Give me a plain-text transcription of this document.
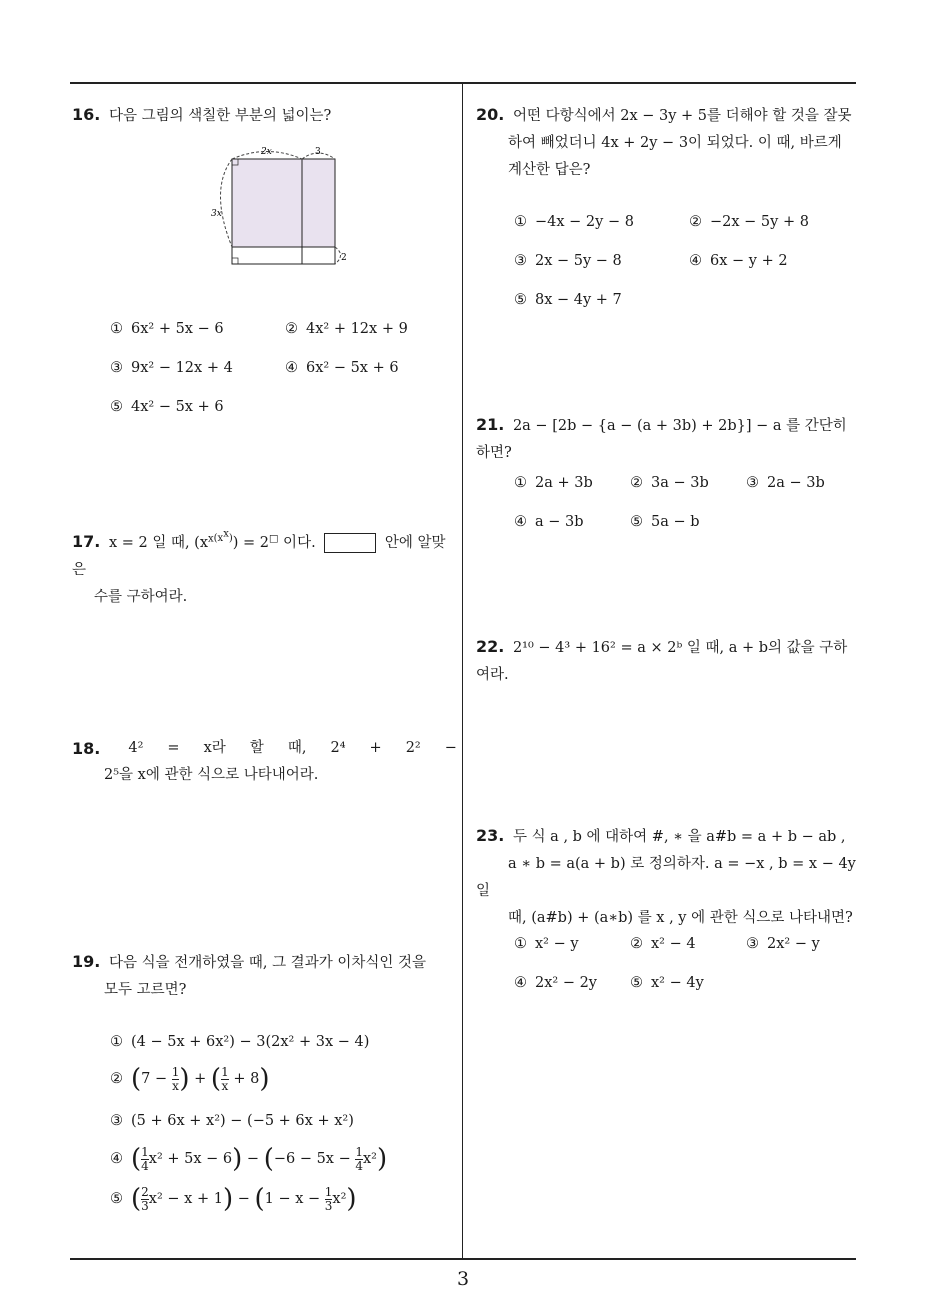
16. 다음 그림의 색칠한 부분의 넓이는?
2x	3
3x
2
① 6x² + 5x − 6	② 4x² + 12x + 9
③ 9x² − 12x + 4	④ 6x² − 5x + 6
⑤ 4x² − 5x + 6
17. x = 2 일 때, $(x^{x(x^x)}) = 2^□$ 이다.	안에 알맞은
수를 구하여라.
18. 4² = x라 할 때, 2⁴ + 2² −
2⁵을 x에 관한 식으로 나타내어라.
19. 다음 식을 전개하였을 때, 그 결과가 이차식인 것을
모두 고르면?
① (4 − 5x + 6x²) − 3(2x² + 3x − 4)
② ($7 - \frac{1}{x}$ ) + ( $\frac{1}{x} + 8$)
③ (5 + 6x + x²) − (−5 + 6x + x²)
④ ( $\frac{1}{4} x^2 + 5x - 6) - (-6 - 5x - \frac{1}{4} x^2)$
⑤ ( $\frac{2}{3} x^2 - x + 1) - (1 - x - \frac{1}{3} x^2)$
20. 어떤 다항식에서 2x − 3y + 5를 더해야 할 것을 잘못
하여 빼었더니 4x + 2y − 3이 되었다. 이 때, 바르게
계산한 답은?
① −4x − 2y − 8	② −2x − 5y + 8
③ 2x − 5y − 8	④ 6x − y + 2
⑤ 8x − 4y + 7
21. 2a − [2b − {a − (a + 3b) + 2b}] − a 를 간단히 하면?
① 2a + 3b	② 3a − 3b	③ 2a − 3b
④ a − 3b	⑤ 5a − b
22. 2¹⁰ − 4³ + 16² = a × 2ᵇ 일 때, a + b의 값을 구하여라.
23. 두 식 a , b 에 대하여 #, ∗ 을 a#b = a + b − ab ,
a ∗ b = a(a + b) 로 정의하자. a = −x , b = x − 4y 일
때, (a#b) + (a∗b) 를 x , y 에 관한 식으로 나타내면?
① x² − y	② x² − 4	③ 2x² − y
④ 2x² − 2y ⑤ x² − 4y
3
